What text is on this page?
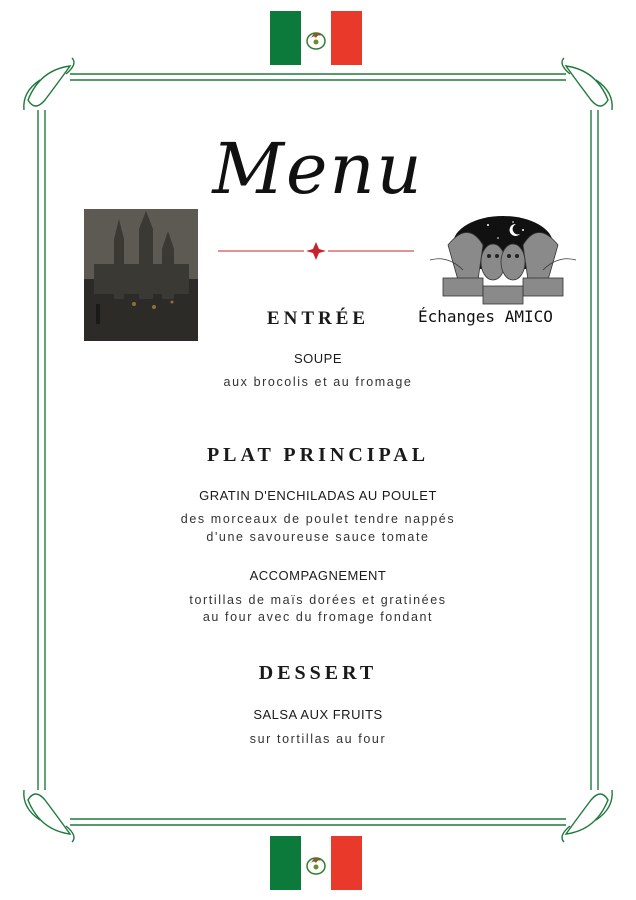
Menu
Échanges AMICO
ENTRÉE
SOUPE
aux brocolis et au fromage
PLAT PRINCIPAL
GRATIN D'ENCHILADAS AU POULET
des morceaux de poulet tendre nappés
d'une savoureuse sauce tomate
ACCOMPAGNEMENT
tortillas de maïs dorées et gratinées
au four avec du fromage fondant
DESSERT
SALSA AUX FRUITS
sur tortillas au four
